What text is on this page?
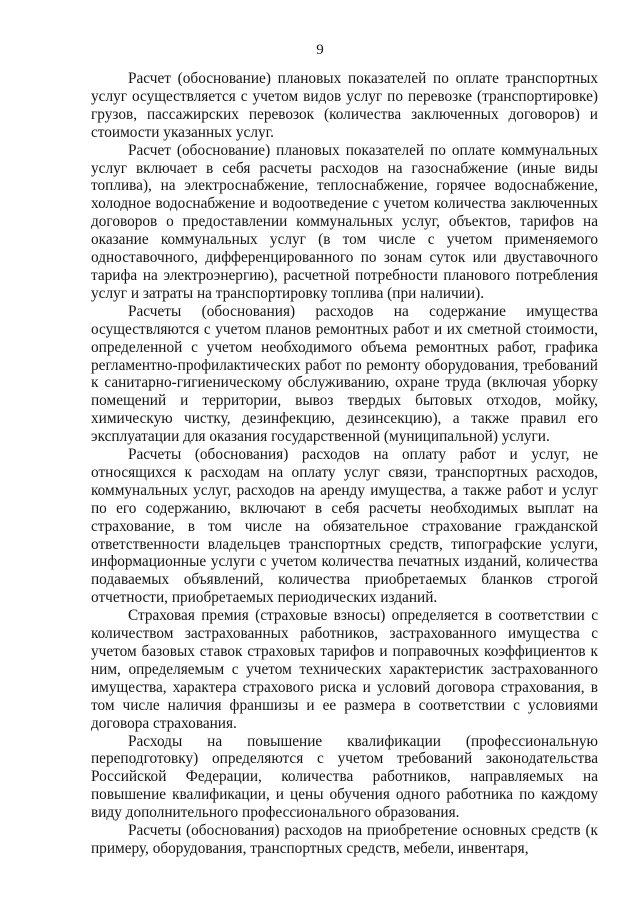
9

Расчет (обоснование) плановых показателей по оплате транспортных услуг осуществляется с учетом видов услуг по перевозке (транспортировке) грузов, пассажирских перевозок (количества заключенных договоров) и стоимости указанных услуг.

Расчет (обоснование) плановых показателей по оплате коммунальных услуг включает в себя расчеты расходов на газоснабжение (иные виды топлива), на электроснабжение, теплоснабжение, горячее водоснабжение, холодное водоснабжение и водоотведение с учетом количества заключенных договоров о предоставлении коммунальных услуг, объектов, тарифов на оказание коммунальных услуг (в том числе с учетом применяемого одноставочного, дифференцированного по зонам суток или двуставочного тарифа на электроэнергию), расчетной потребности планового потребления услуг и затраты на транспортировку топлива (при наличии).

Расчеты (обоснования) расходов на содержание имущества осуществляются с учетом планов ремонтных работ и их сметной стоимости, определенной с учетом необходимого объема ремонтных работ, графика регламентно-профилактических работ по ремонту оборудования, требований к санитарно-гигиеническому обслуживанию, охране труда (включая уборку помещений и территории, вывоз твердых бытовых отходов, мойку, химическую чистку, дезинфекцию, дезинсекцию), а также правил его эксплуатации для оказания государственной (муниципальной) услуги.

Расчеты (обоснования) расходов на оплату работ и услуг, не относящихся к расходам на оплату услуг связи, транспортных расходов, коммунальных услуг, расходов на аренду имущества, а также работ и услуг по его содержанию, включают в себя расчеты необходимых выплат на страхование, в том числе на обязательное страхование гражданской ответственности владельцев транспортных средств, типографские услуги, информационные услуги с учетом количества печатных изданий, количества подаваемых объявлений, количества приобретаемых бланков строгой отчетности, приобретаемых периодических изданий.

Страховая премия (страховые взносы) определяется в соответствии с количеством застрахованных работников, застрахованного имущества с учетом базовых ставок страховых тарифов и поправочных коэффициентов к ним, определяемым с учетом технических характеристик застрахованного имущества, характера страхового риска и условий договора страхования, в том числе наличия франшизы и ее размера в соответствии с условиями договора страхования.

Расходы на повышение квалификации (профессиональную переподготовку) определяются с учетом требований законодательства Российской Федерации, количества работников, направляемых на повышение квалификации, и цены обучения одного работника по каждому виду дополнительного профессионального образования.

Расчеты (обоснования) расходов на приобретение основных средств (к примеру, оборудования, транспортных средств, мебели, инвентаря,
